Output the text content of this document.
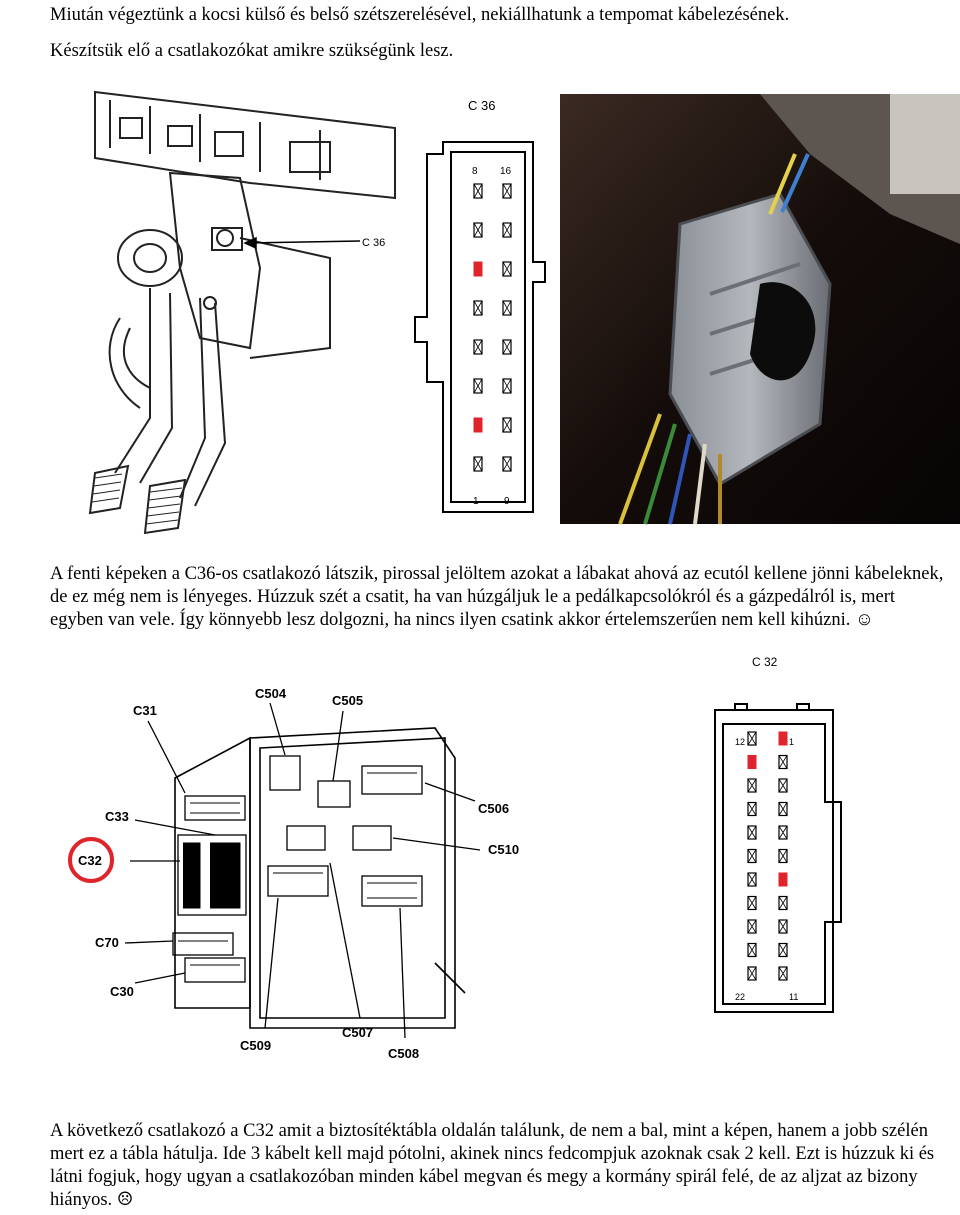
Miután végeztünk a kocsi külső és belső szétszerelésével, nekiállhatunk a tempomat kábelezésének.

Készítsük elő a csatlakozókat amikre szükségünk lesz.

A fenti képeken a C36-os csatlakozó látszik, pirossal jelöltem azokat a lábakat ahová az ecutól kellene jönni kábeleknek, de ez még nem is lényeges. Húzzuk szét a csatit, ha van húzgáljuk le a pedálkapcsolókról és a gázpedálról is, mert egyben van vele. Így könnyebb lesz dolgozni, ha nincs ilyen csatink akkor értelemszerűen nem kell kihúzni. ☺

A következő csatlakozó a C32 amit a biztosítéktábla oldalán találunk, de nem a bal, mint a képen, hanem a jobb szélén mert ez a tábla hátulja. Ide 3 kábelt kell majd pótolni, akinek nincs fedcompjuk azoknak csak 2 kell. Ezt is húzzuk ki és látni fogjuk, hogy ugyan a csatlakozóban minden kábel megvan és megy a kormány spirál felé, de az aljzat az bizony hiányos. ☹

C 36
C 36
8 16
1	9
C31
C504	C505
C33
C32
C506
C510
C70
C30
C509
C507
C508
C 32
12	1
22	11
